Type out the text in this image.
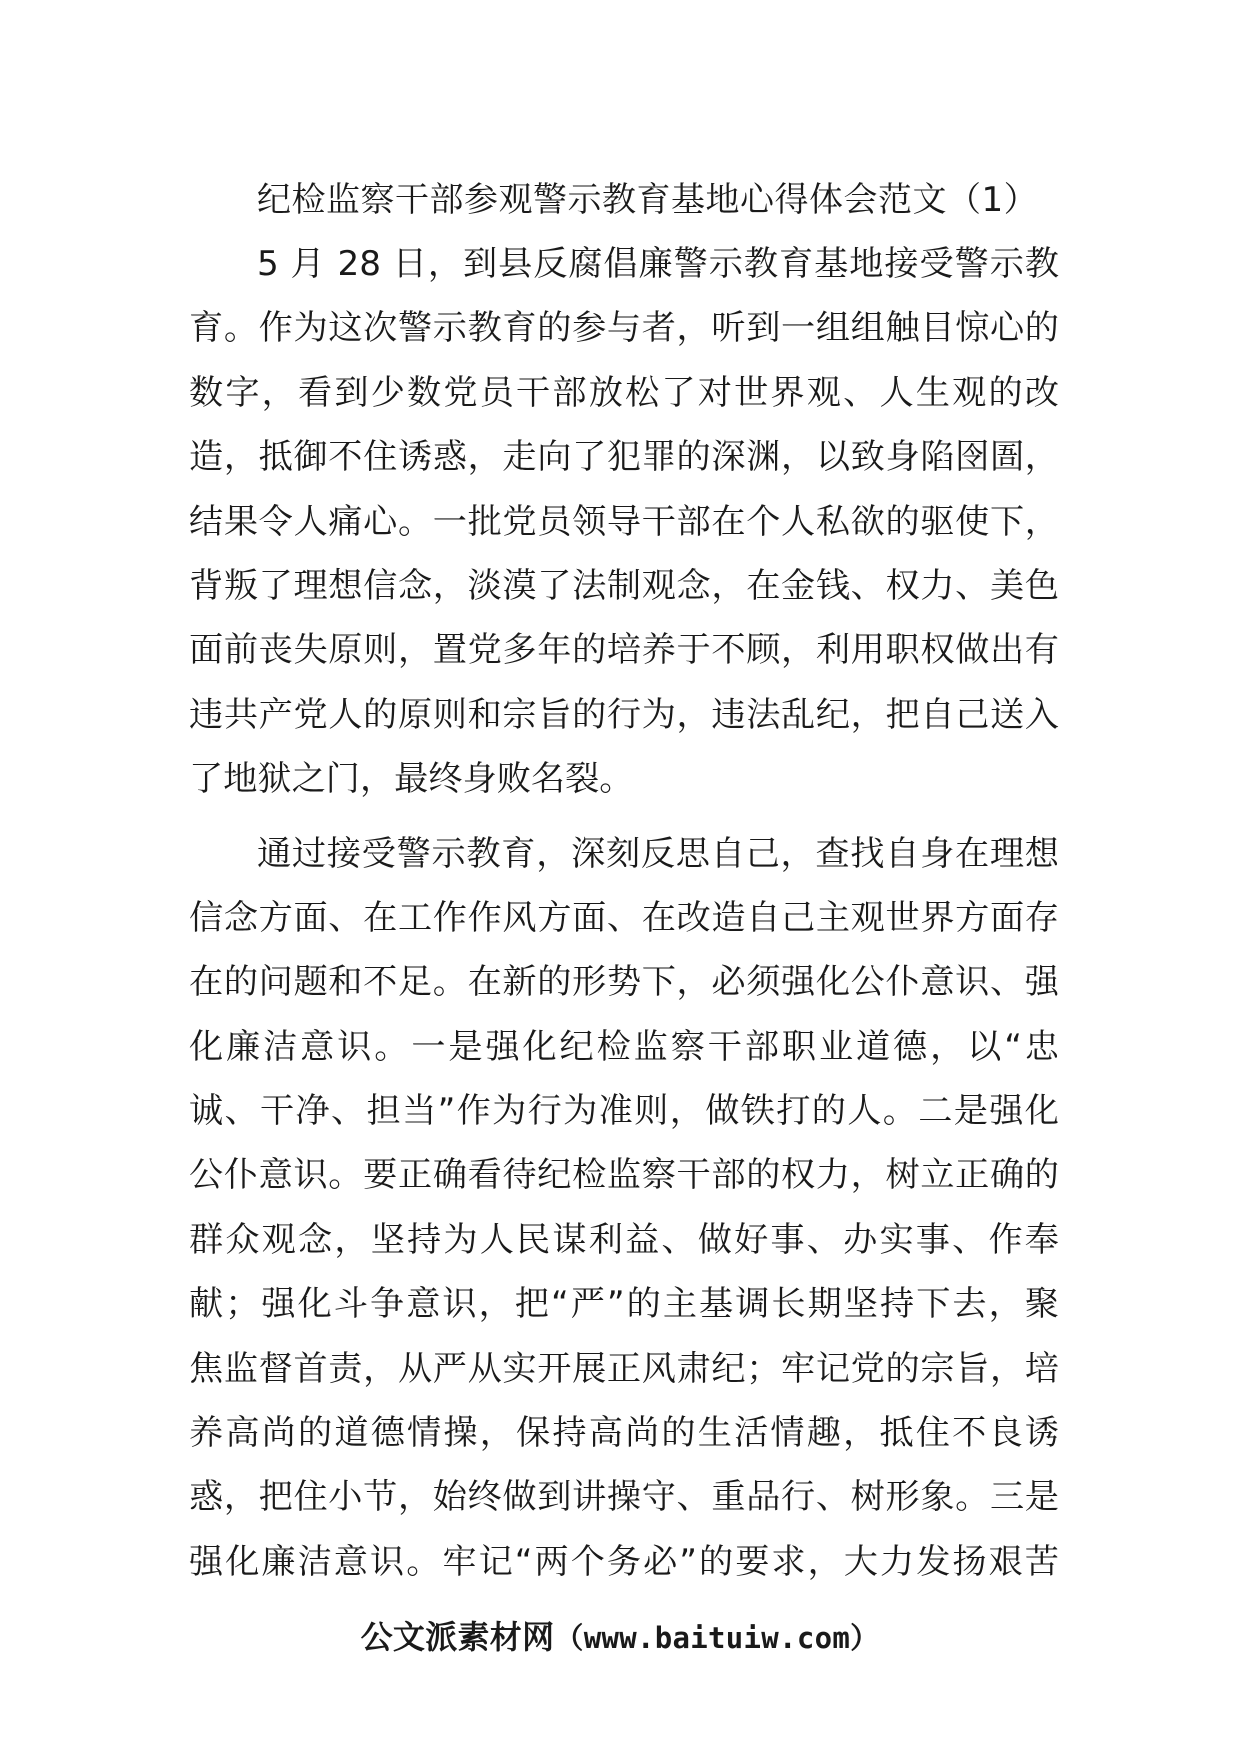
纪检监察干部参观警示教育基地心得体会范文（1）
5 月 28 日，到县反腐倡廉警示教育基地接受警示教
育。作为这次警示教育的参与者，听到一组组触目惊心的
数字，看到少数党员干部放松了对世界观、人生观的改
造，抵御不住诱惑，走向了犯罪的深渊，以致身陷囹圄，
结果令人痛心。一批党员领导干部在个人私欲的驱使下，
背叛了理想信念，淡漠了法制观念，在金钱、权力、美色
面前丧失原则，置党多年的培养于不顾，利用职权做出有
违共产党人的原则和宗旨的行为，违法乱纪，把自己送入
了地狱之门，最终身败名裂。
通过接受警示教育，深刻反思自己，查找自身在理想
信念方面、在工作作风方面、在改造自己主观世界方面存
在的问题和不足。在新的形势下，必须强化公仆意识、强
化廉洁意识。一是强化纪检监察干部职业道德，以“忠
诚、干净、担当”作为行为准则，做铁打的人。二是强化
公仆意识。要正确看待纪检监察干部的权力，树立正确的
群众观念，坚持为人民谋利益、做好事、办实事、作奉
献；强化斗争意识，把“严”的主基调长期坚持下去，聚
焦监督首责，从严从实开展正风肃纪；牢记党的宗旨，培
养高尚的道德情操，保持高尚的生活情趣，抵住不良诱
惑，把住小节，始终做到讲操守、重品行、树形象。三是
强化廉洁意识。牢记“两个务必”的要求，大力发扬艰苦
公文派素材网（www.baituiw.com）
